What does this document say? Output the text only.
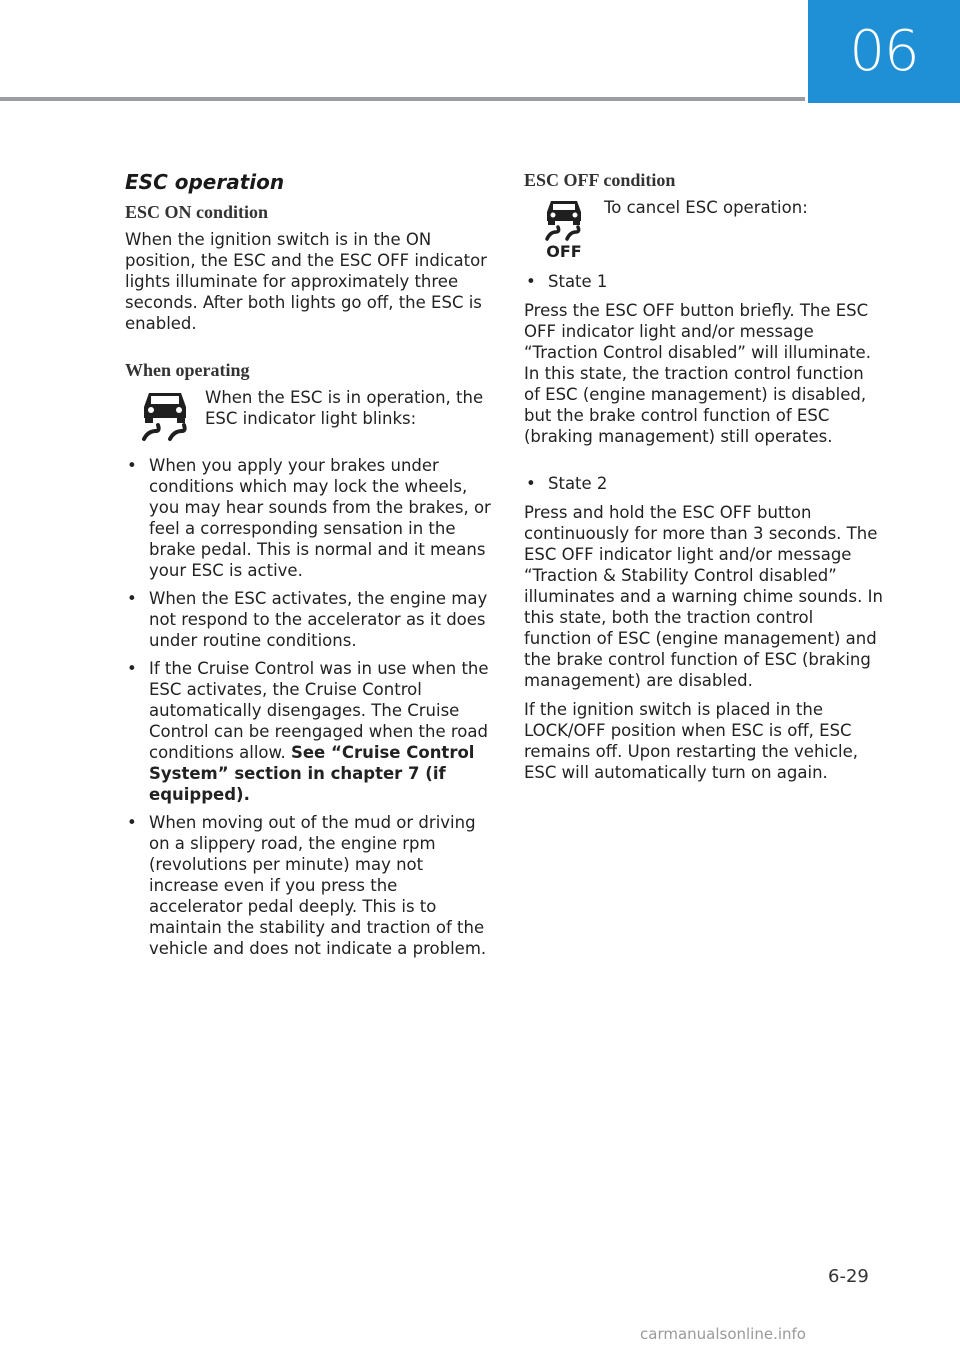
06
ESC operation
ESC ON condition

When the ignition switch is in the ON position, the ESC and the ESC OFF indicator lights illuminate for approximately three seconds. After both lights go off, the ESC is enabled.

When operating
When the ESC is in operation, the ESC indicator light blinks:
• When you apply your brakes under conditions which may lock the wheels, you may hear sounds from the brakes, or feel a corresponding sensation in the brake pedal. This is normal and it means your ESC is active.
• When the ESC activates, the engine may not respond to the accelerator as it does under routine conditions.
• If the Cruise Control was in use when the ESC activates, the Cruise Control automatically disengages. The Cruise Control can be reengaged when the road conditions allow. See “Cruise Control System” section in chapter 7 (if equipped).
• When moving out of the mud or driving on a slippery road, the engine rpm (revolutions per minute) may not increase even if you press the accelerator pedal deeply. This is to maintain the stability and traction of the vehicle and does not indicate a problem.
ESC OFF condition
OFF
To cancel ESC operation:
• State 1

Press the ESC OFF button briefly. The ESC OFF indicator light and/or message “Traction Control disabled” will illuminate. In this state, the traction control function of ESC (engine management) is disabled, but the brake control function of ESC (braking management) still operates.

• State 2

Press and hold the ESC OFF button continuously for more than 3 seconds. The ESC OFF indicator light and/or message “Traction & Stability Control disabled” illuminates and a warning chime sounds. In this state, both the traction control function of ESC (engine management) and the brake control function of ESC (braking management) are disabled.

If the ignition switch is placed in the LOCK/OFF position when ESC is off, ESC remains off. Upon restarting the vehicle, ESC will automatically turn on again.

6-29
carmanualsonline.info
